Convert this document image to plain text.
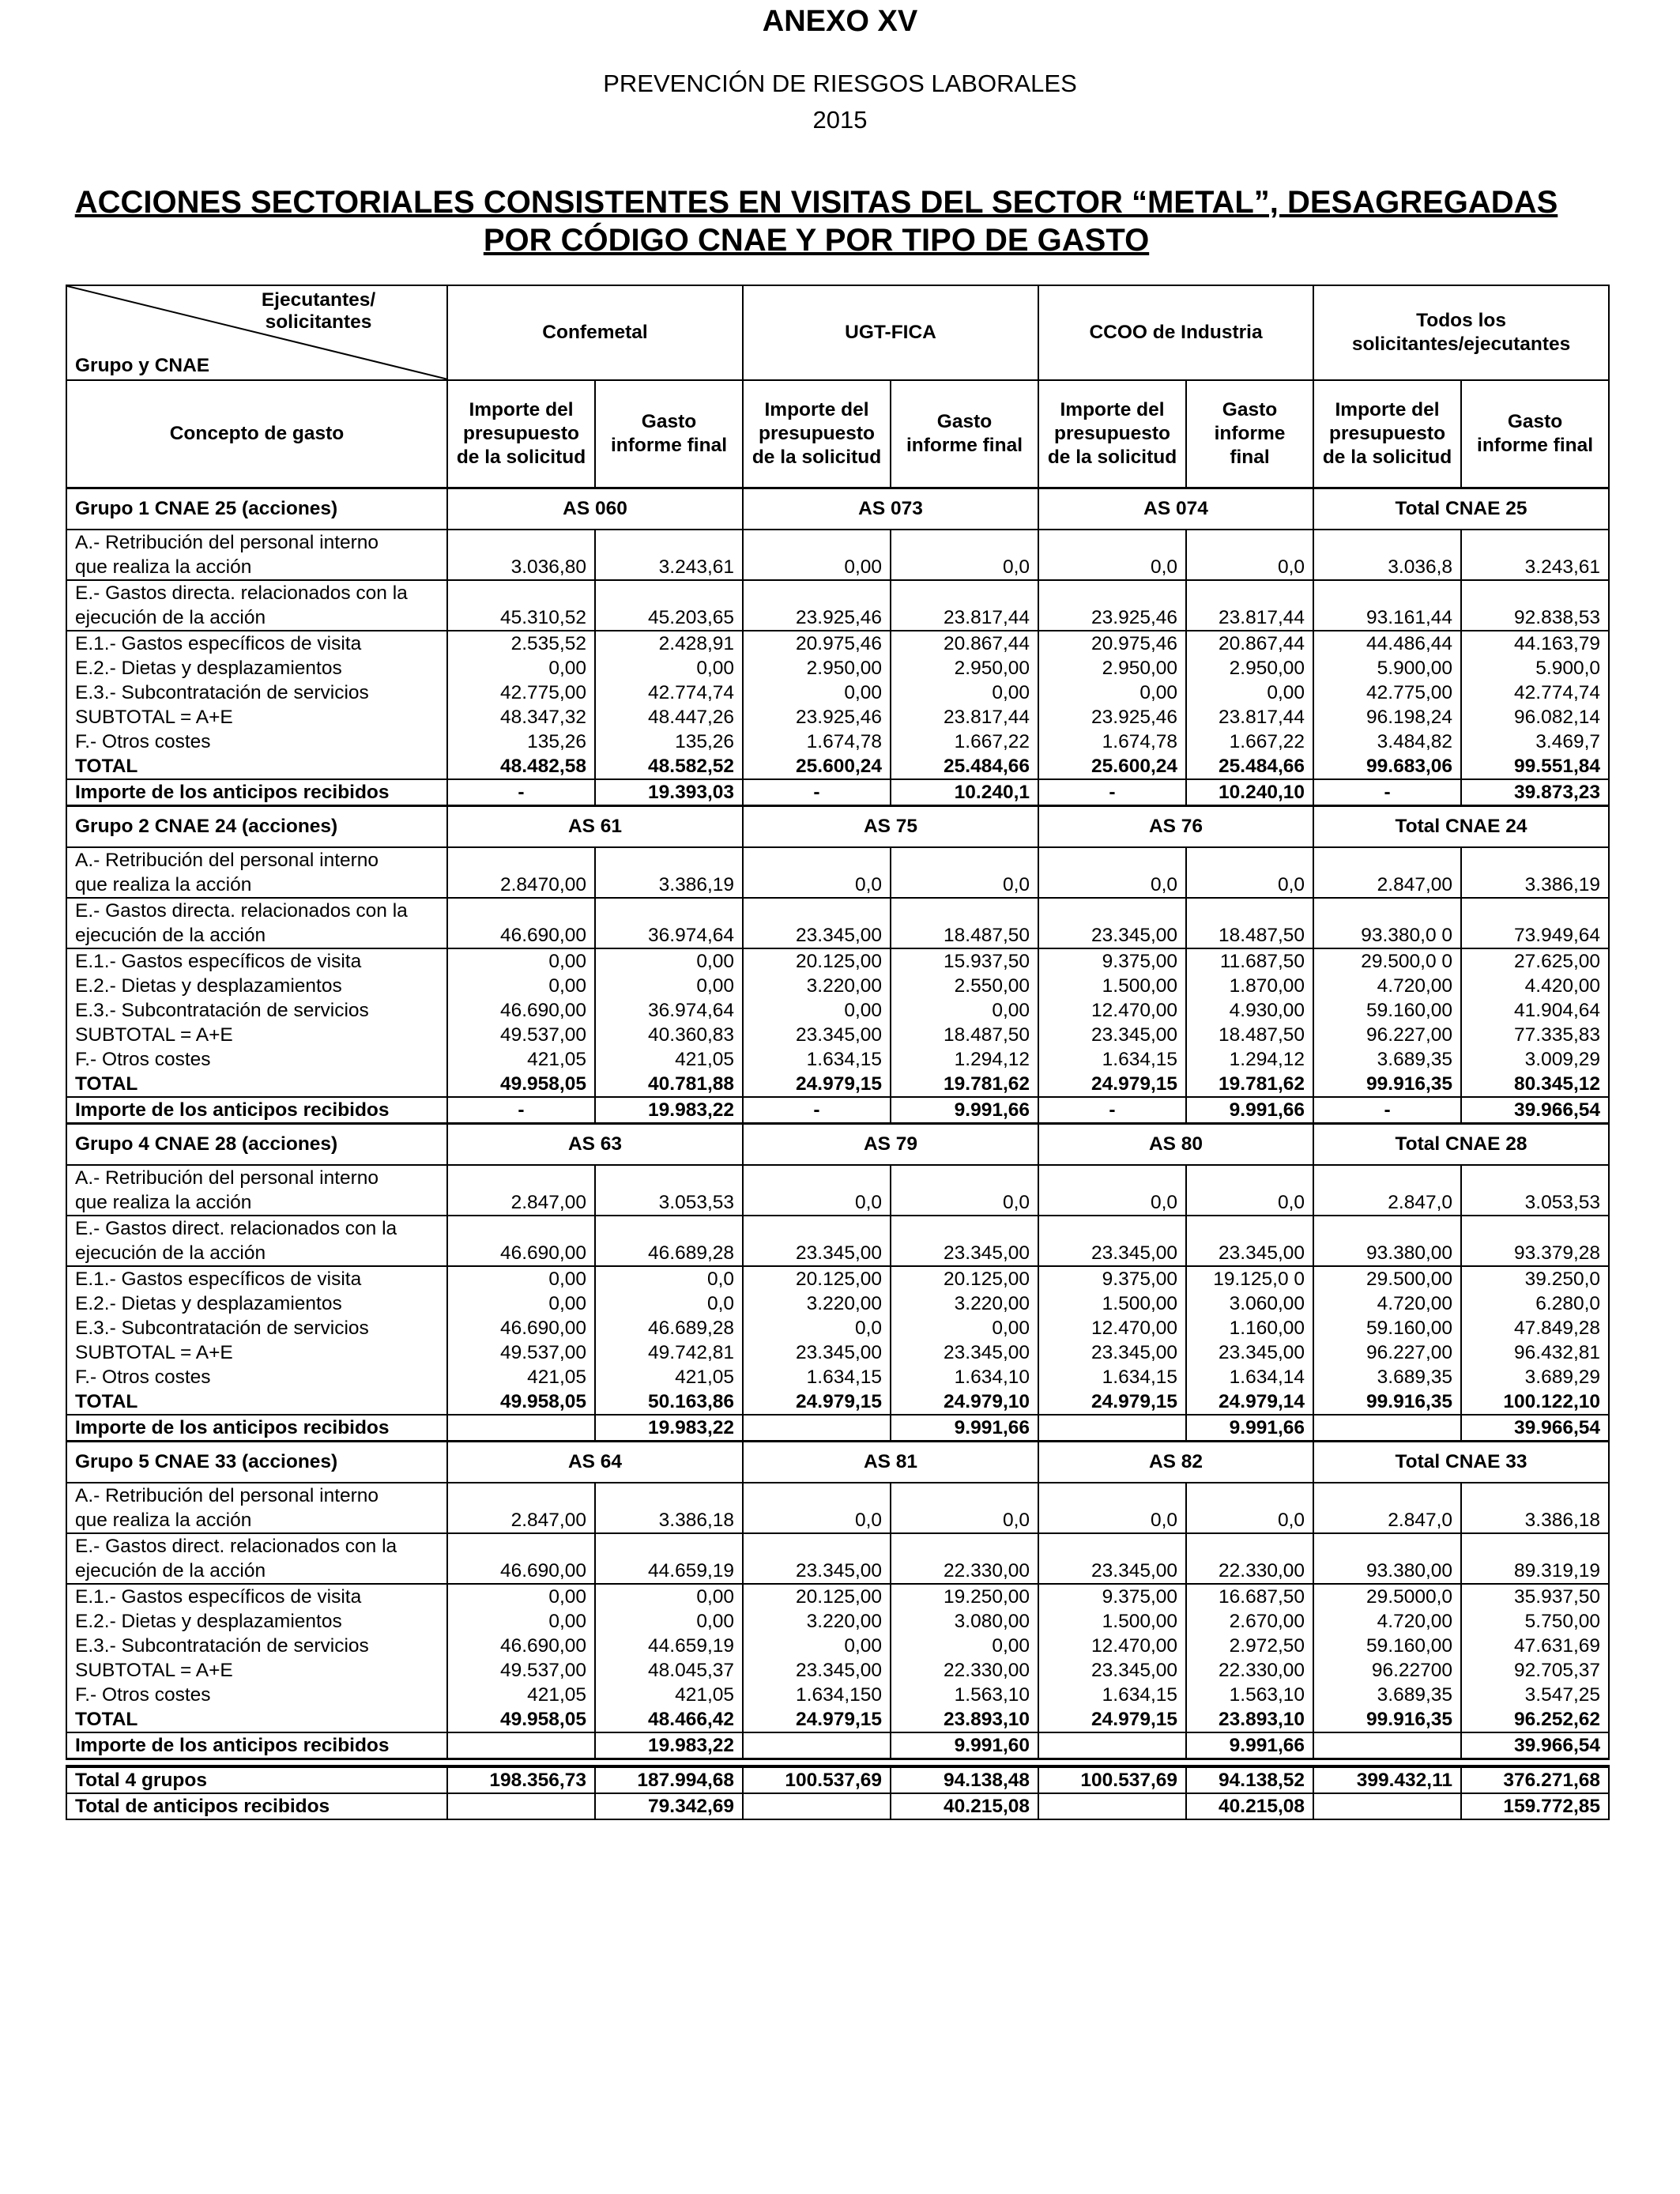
ANEXO XV
PREVENCIÓN DE RIESGOS LABORALES
2015
ACCIONES SECTORIALES CONSISTENTES EN VISITAS DEL SECTOR “METAL”, DESAGREGADAS
POR CÓDIGO CNAE Y POR TIPO DE GASTO
Ejecutantes/ solicitantes
Grupo y CNAE	Confemetal		UGT-FICA		CCOO de Industria		Todos los solicitantes/ejecutantes	
Concepto de gasto	Importe del presupuesto de la solicitud	Gasto informe final	Importe del presupuesto de la solicitud	Gasto informe final	Importe del presupuesto de la solicitud	Gasto informe final	Importe del presupuesto de la solicitud	Gasto informe final
Grupo 1 CNAE 25 (acciones)	AS 060		AS 073		AS 074		Total CNAE 25	
A.- Retribución del personal interno
que realiza la acción	3.036,80	3.243,61	0,00	0,0	0,0	0,0	3.036,8	3.243,61
E.- Gastos directa. relacionados con la
ejecución de la acción	45.310,52	45.203,65	23.925,46	23.817,44	23.925,46	23.817,44	93.161,44	92.838,53
E.1.- Gastos específicos de visita	2.535,52	2.428,91	20.975,46	20.867,44	20.975,46	20.867,44	44.486,44	44.163,79
E.2.- Dietas y desplazamientos	0,00	0,00	2.950,00	2.950,00	2.950,00	2.950,00	5.900,00	5.900,0
E.3.- Subcontratación de servicios	42.775,00	42.774,74	0,00	0,00	0,00	0,00	42.775,00	42.774,74
SUBTOTAL = A+E	48.347,32	48.447,26	23.925,46	23.817,44	23.925,46	23.817,44	96.198,24	96.082,14
F.- Otros costes	135,26	135,26	1.674,78	1.667,22	1.674,78	1.667,22	3.484,82	3.469,7
TOTAL	48.482,58	48.582,52	25.600,24	25.484,66	25.600,24	25.484,66	99.683,06	99.551,84
Importe de los anticipos recibidos	-	19.393,03	-	10.240,1	-	10.240,10	-	39.873,23
Grupo 2 CNAE 24 (acciones)	AS 61		AS 75		AS 76		Total CNAE 24	
A.- Retribución del personal interno
que realiza la acción	2.8470,00	3.386,19	0,0	0,0	0,0	0,0	2.847,00	3.386,19
E.- Gastos directa. relacionados con la
ejecución de la acción	46.690,00	36.974,64	23.345,00	18.487,50	23.345,00	18.487,50	93.380,0 0	73.949,64
E.1.- Gastos específicos de visita	0,00	0,00	20.125,00	15.937,50	9.375,00	11.687,50	29.500,0 0	27.625,00
E.2.- Dietas y desplazamientos	0,00	0,00	3.220,00	2.550,00	1.500,00	1.870,00	4.720,00	4.420,00
E.3.- Subcontratación de servicios	46.690,00	36.974,64	0,00	0,00	12.470,00	4.930,00	59.160,00	41.904,64
SUBTOTAL = A+E	49.537,00	40.360,83	23.345,00	18.487,50	23.345,00	18.487,50	96.227,00	77.335,83
F.- Otros costes	421,05	421,05	1.634,15	1.294,12	1.634,15	1.294,12	3.689,35	3.009,29
TOTAL	49.958,05	40.781,88	24.979,15	19.781,62	24.979,15	19.781,62	99.916,35	80.345,12
Importe de los anticipos recibidos	-	19.983,22	-	9.991,66	-	9.991,66	-	39.966,54
Grupo 4 CNAE 28 (acciones)	AS 63		AS 79		AS 80		Total CNAE 28	
A.- Retribución del personal interno
que realiza la acción	2.847,00	3.053,53	0,0	0,0	0,0	0,0	2.847,0	3.053,53
E.- Gastos direct. relacionados con la
ejecución de la acción	46.690,00	46.689,28	23.345,00	23.345,00	23.345,00	23.345,00	93.380,00	93.379,28
E.1.- Gastos específicos de visita	0,00	0,0	20.125,00	20.125,00	9.375,00	19.125,0 0	29.500,00	39.250,0
E.2.- Dietas y desplazamientos	0,00	0,0	3.220,00	3.220,00	1.500,00	3.060,00	4.720,00	6.280,0
E.3.- Subcontratación de servicios	46.690,00	46.689,28	0,0	0,00	12.470,00	1.160,00	59.160,00	47.849,28
SUBTOTAL = A+E	49.537,00	49.742,81	23.345,00	23.345,00	23.345,00	23.345,00	96.227,00	96.432,81
F.- Otros costes	421,05	421,05	1.634,15	1.634,10	1.634,15	1.634,14	3.689,35	3.689,29
TOTAL	49.958,05	50.163,86	24.979,15	24.979,10	24.979,15	24.979,14	99.916,35	100.122,10
Importe de los anticipos recibidos		19.983,22		9.991,66		9.991,66		39.966,54
Grupo 5 CNAE 33 (acciones)	AS 64		AS 81		AS 82		Total CNAE 33	
A.- Retribución del personal interno
que realiza la acción	2.847,00	3.386,18	0,0	0,0	0,0	0,0	2.847,0	3.386,18
E.- Gastos direct. relacionados con la
ejecución de la acción	46.690,00	44.659,19	23.345,00	22.330,00	23.345,00	22.330,00	93.380,00	89.319,19
E.1.- Gastos específicos de visita	0,00	0,00	20.125,00	19.250,00	9.375,00	16.687,50	29.5000,0	35.937,50
E.2.- Dietas y desplazamientos	0,00	0,00	3.220,00	3.080,00	1.500,00	2.670,00	4.720,00	5.750,00
E.3.- Subcontratación de servicios	46.690,00	44.659,19	0,00	0,00	12.470,00	2.972,50	59.160,00	47.631,69
SUBTOTAL = A+E	49.537,00	48.045,37	23.345,00	22.330,00	23.345,00	22.330,00	96.22700	92.705,37
F.- Otros costes	421,05	421,05	1.634,150	1.563,10	1.634,15	1.563,10	3.689,35	3.547,25
TOTAL	49.958,05	48.466,42	24.979,15	23.893,10	24.979,15	23.893,10	99.916,35	96.252,62
Importe de los anticipos recibidos		19.983,22		9.991,60		9.991,66		39.966,54

Total 4 grupos	198.356,73	187.994,68	100.537,69	94.138,48	100.537,69	94.138,52	399.432,11	376.271,68
Total de anticipos recibidos		79.342,69		40.215,08		40.215,08		159.772,85
